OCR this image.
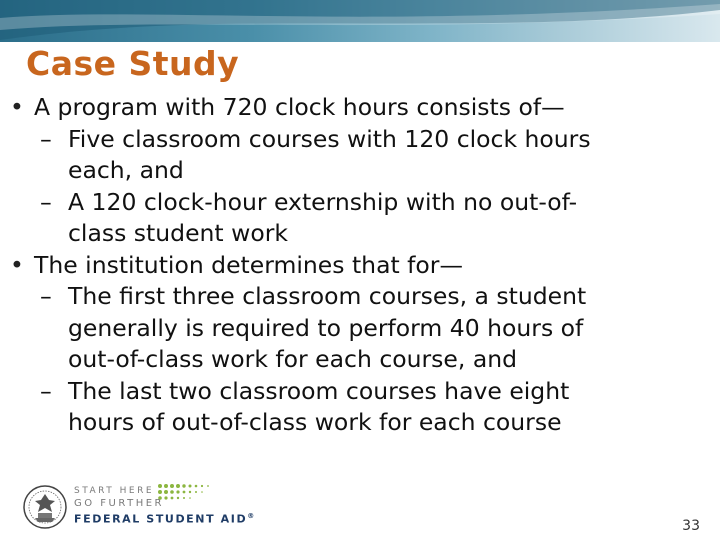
Case Study
• A program with 720 clock hours consists of—
– Five classroom courses with 120 clock hours
each, and
– A 120 clock-hour externship with no out-of-
class student work
• The institution determines that for—
– The first three classroom courses, a student
generally is required to perform 40 hours of
out-of-class work for each course, and
– The last two classroom courses have eight
hours of out-of-class work for each course
START HERE
GO FURTHER
FEDERAL STUDENT AID®
33
